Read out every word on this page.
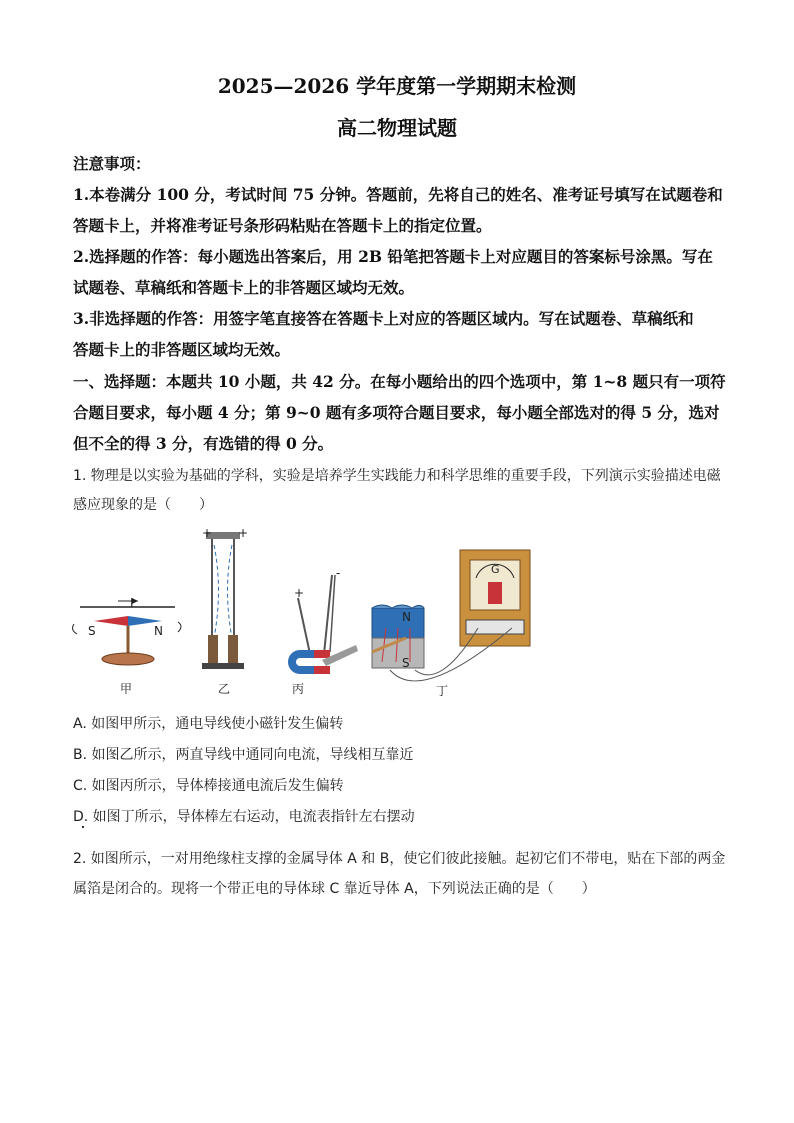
2025—2026 学年度第一学期期末检测
高二物理试题
注意事项：
1.本卷满分 100 分，考试时间 75 分钟。答题前，先将自己的姓名、准考证号填写在试题卷和
答题卡上，并将准考证号条形码粘贴在答题卡上的指定位置。
2.选择题的作答：每小题选出答案后，用 2B 铅笔把答题卡上对应题目的答案标号涂黑。写在
试题卷、草稿纸和答题卡上的非答题区域均无效。
3.非选择题的作答：用签字笔直接答在答题卡上对应的答题区域内。写在试题卷、草稿纸和
答题卡上的非答题区域均无效。
一、选择题：本题共 10 小题，共 42 分。在每小题给出的四个选项中，第 1~8 题只有一项符
合题目要求，每小题 4 分；第 9~0 题有多项符合题目要求，每小题全部选对的得 5 分，选对
但不全的得 3 分，有选错的得 0 分。
1. 物理是以实验为基础的学科，实验是培养学生实践能力和科学思维的重要手段，下列演示实验描述电磁
感应现象的是（　　）
I
S	N
+ +
+
-
N
S
G
甲	乙	丙	丁
A. 如图甲所示，通电导线使小磁针发生偏转
B. 如图乙所示，两直导线中通同向电流，导线相互靠近
C. 如图丙所示，导体棒接通电流后发生偏转
D. 如图丁所示，导体棒左右运动，电流表指针左右摆动
2. 如图所示，一对用绝缘柱支撑的金属导体 A 和 B，使它们彼此接触。起初它们不带电，贴在下部的两金
属箔是闭合的。现将一个带正电的导体球 C 靠近导体 A，下列说法正确的是（　　）
